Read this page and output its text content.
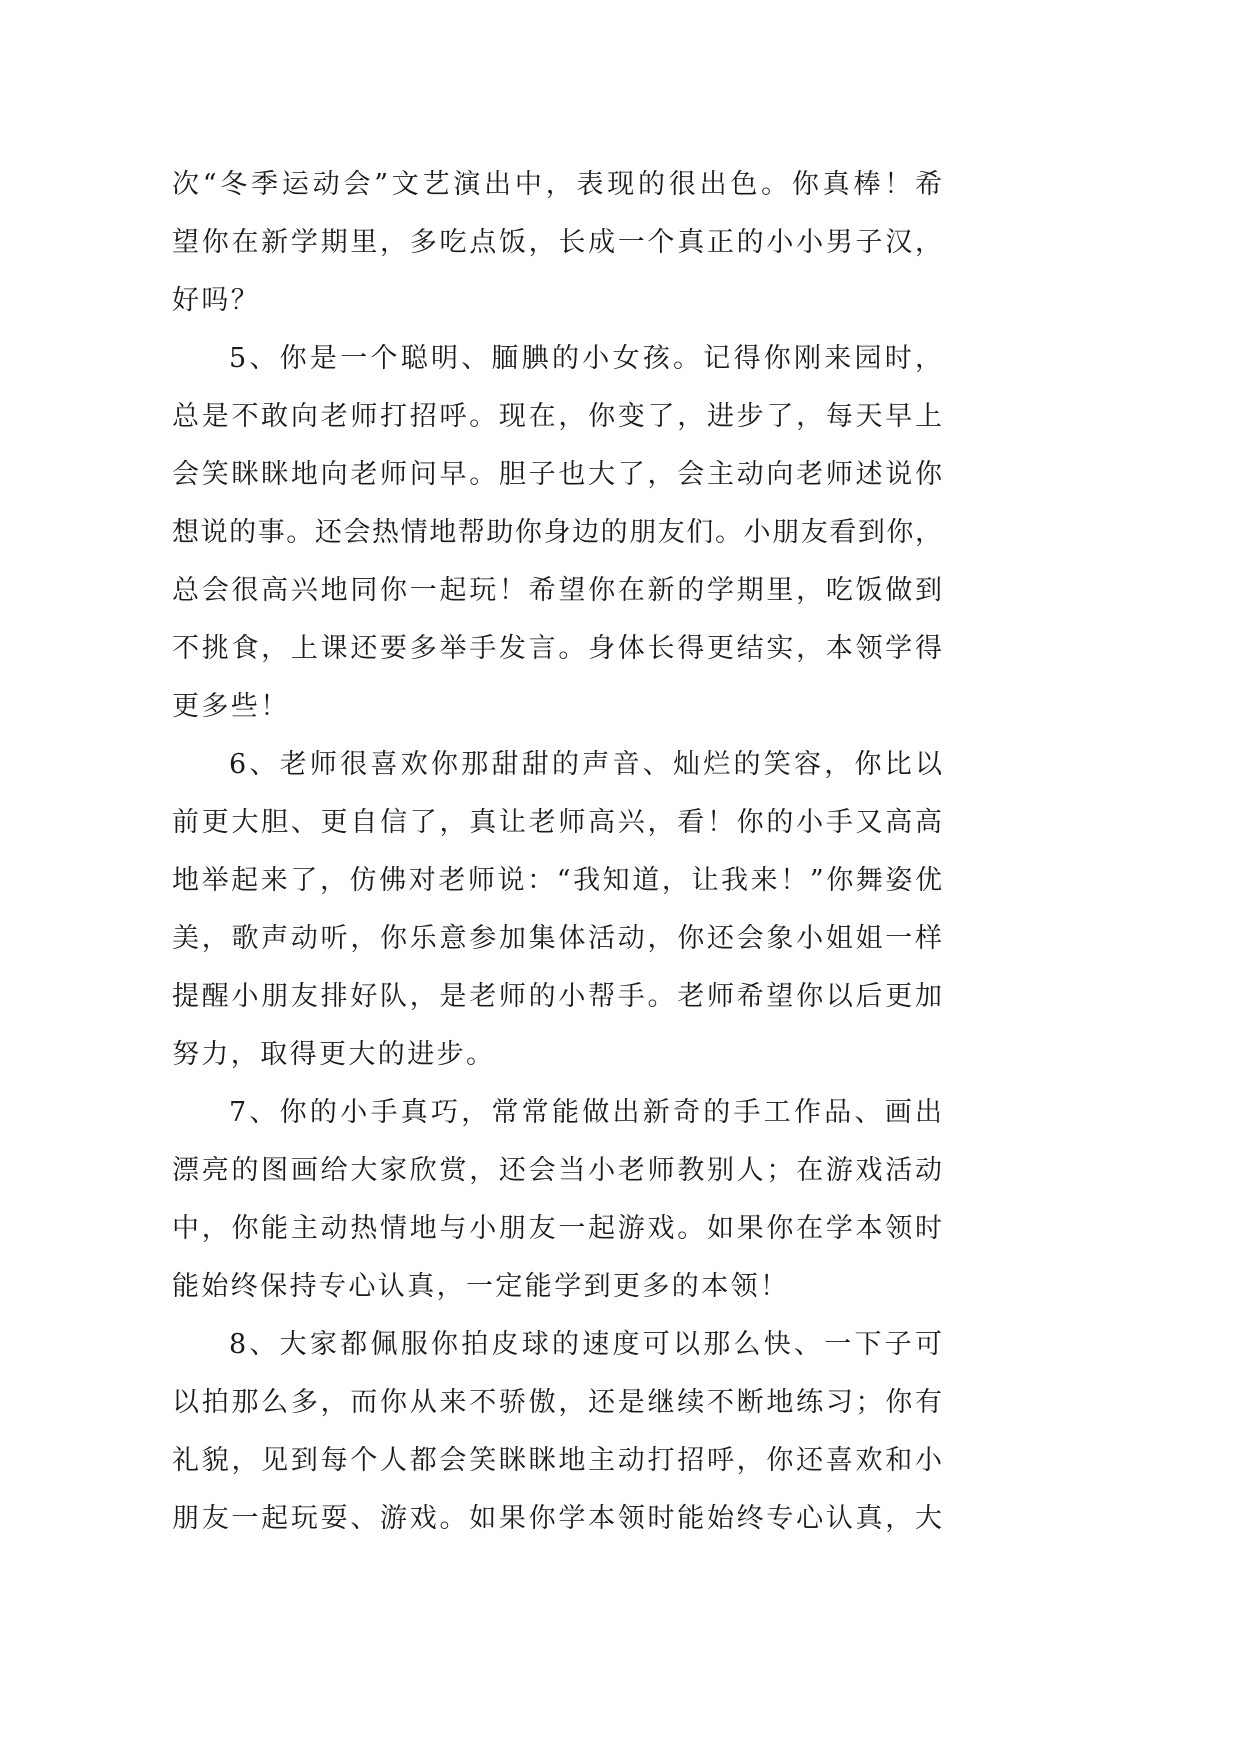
次“冬季运动会”文艺演出中，表现的很出色。你真棒！希
望你在新学期里，多吃点饭，长成一个真正的小小男子汉，
好吗？
5、你是一个聪明、腼腆的小女孩。记得你刚来园时，
总是不敢向老师打招呼。现在，你变了，进步了，每天早上
会笑眯眯地向老师问早。胆子也大了，会主动向老师述说你
想说的事。还会热情地帮助你身边的朋友们。小朋友看到你，
总会很高兴地同你一起玩！希望你在新的学期里，吃饭做到
不挑食，上课还要多举手发言。身体长得更结实，本领学得
更多些！
6、老师很喜欢你那甜甜的声音、灿烂的笑容，你比以
前更大胆、更自信了，真让老师高兴，看！你的小手又高高
地举起来了，仿佛对老师说：“我知道，让我来！”你舞姿优
美，歌声动听，你乐意参加集体活动，你还会象小姐姐一样
提醒小朋友排好队，是老师的小帮手。老师希望你以后更加
努力，取得更大的进步。
7、你的小手真巧，常常能做出新奇的手工作品、画出
漂亮的图画给大家欣赏，还会当小老师教别人；在游戏活动
中，你能主动热情地与小朋友一起游戏。如果你在学本领时
能始终保持专心认真，一定能学到更多的本领！
8、大家都佩服你拍皮球的速度可以那么快、一下子可
以拍那么多，而你从来不骄傲，还是继续不断地练习；你有
礼貌，见到每个人都会笑眯眯地主动打招呼，你还喜欢和小
朋友一起玩耍、游戏。如果你学本领时能始终专心认真，大
